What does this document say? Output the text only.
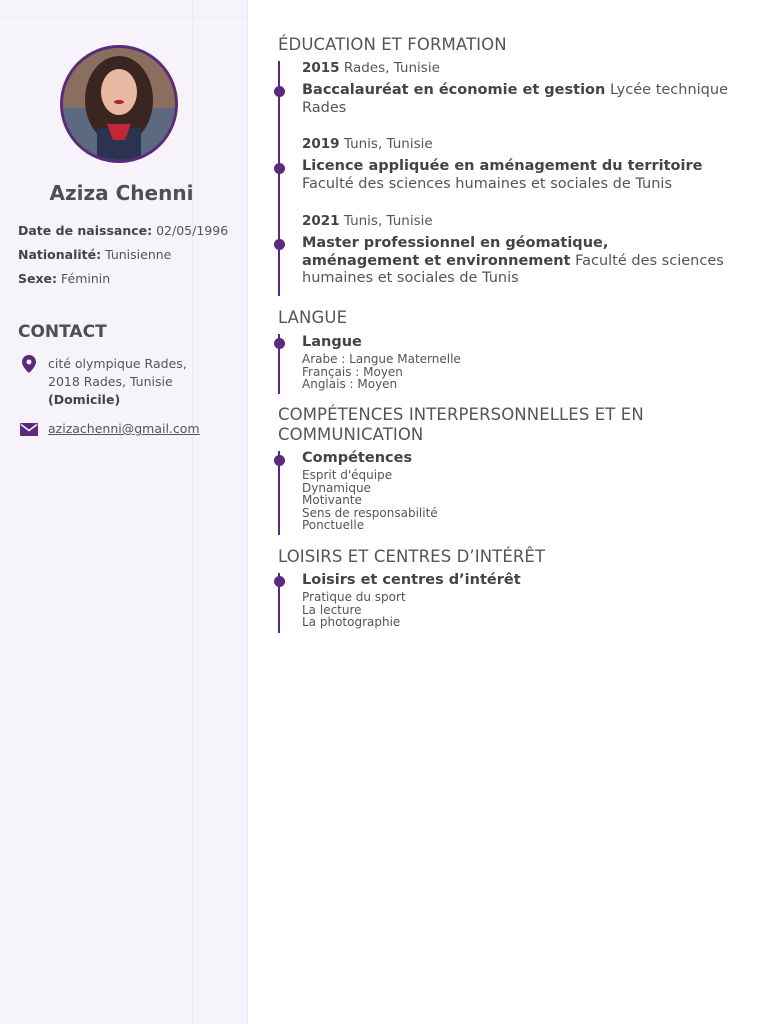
Aziza Chenni
Date de naissance: 02/05/1996
Nationalité: Tunisienne
Sexe: Féminin
CONTACT
cité olympique Rades,
2018 Rades, Tunisie
(Domicile)
azizachenni@gmail.com
ÉDUCATION ET FORMATION
2015 Rades, Tunisie
Baccalauréat en économie et gestion Lycée technique Rades
2019 Tunis, Tunisie
Licence appliquée en aménagement du territoire Faculté des sciences humaines et sociales de Tunis
2021 Tunis, Tunisie
Master professionnel en géomatique, aménagement et environnement Faculté des sciences humaines et sociales de Tunis
LANGUE
Langue
Arabe : Langue Maternelle
Français : Moyen
Anglais : Moyen
COMPÉTENCES INTERPERSONNELLES ET EN COMMUNICATION
Compétences
Esprit d'équipe
Dynamique
Motivante
Sens de responsabilité
Ponctuelle
LOISIRS ET CENTRES D’INTÉRÊT
Loisirs et centres d’intérêt
Pratique du sport
La lecture
La photographie
